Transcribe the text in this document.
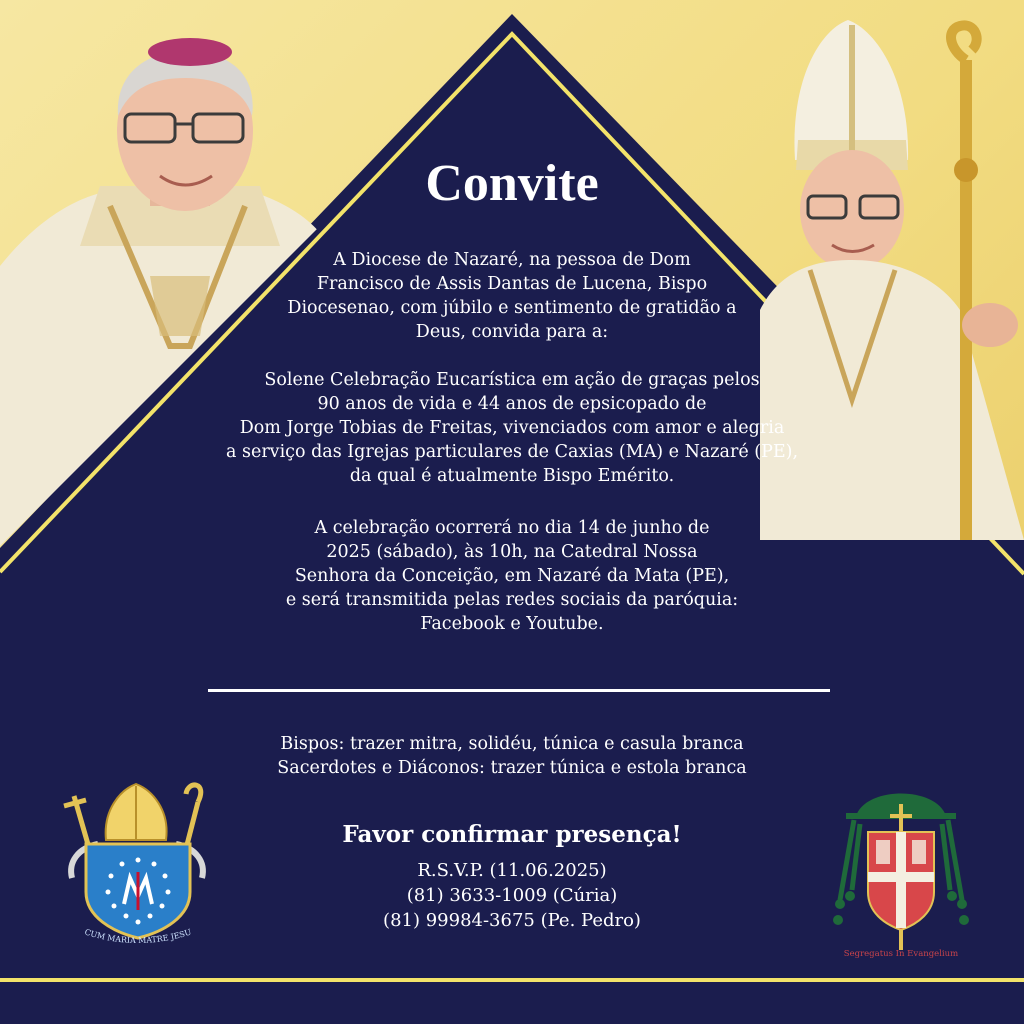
Convite
A Diocese de Nazaré, na pessoa de Dom
Francisco de Assis Dantas de Lucena, Bispo
Diocesenao, com júbilo e sentimento de gratidão a
Deus, convida para a:
Solene Celebração Eucarística em ação de graças pelos
90 anos de vida e 44 anos de epsicopado de
Dom Jorge Tobias de Freitas, vivenciados com amor e alegria
a serviço das Igrejas particulares de Caxias (MA) e Nazaré (PE),
da qual é atualmente Bispo Emérito.
A celebração ocorrerá no dia 14 de junho de
2025 (sábado), às 10h, na Catedral Nossa
Senhora da Conceição, em Nazaré da Mata (PE),
e será transmitida pelas redes sociais da paróquia:
Facebook e Youtube.
Bispos: trazer mitra, solidéu, túnica e casula branca
Sacerdotes e Diáconos: trazer túnica e estola branca
Favor confirmar presença!
R.S.V.P. (11.06.2025)
(81) 3633-1009 (Cúria)
(81) 99984-3675 (Pe. Pedro)
CUM MARIA MATRE JESU
Segregatus In Evangelium
